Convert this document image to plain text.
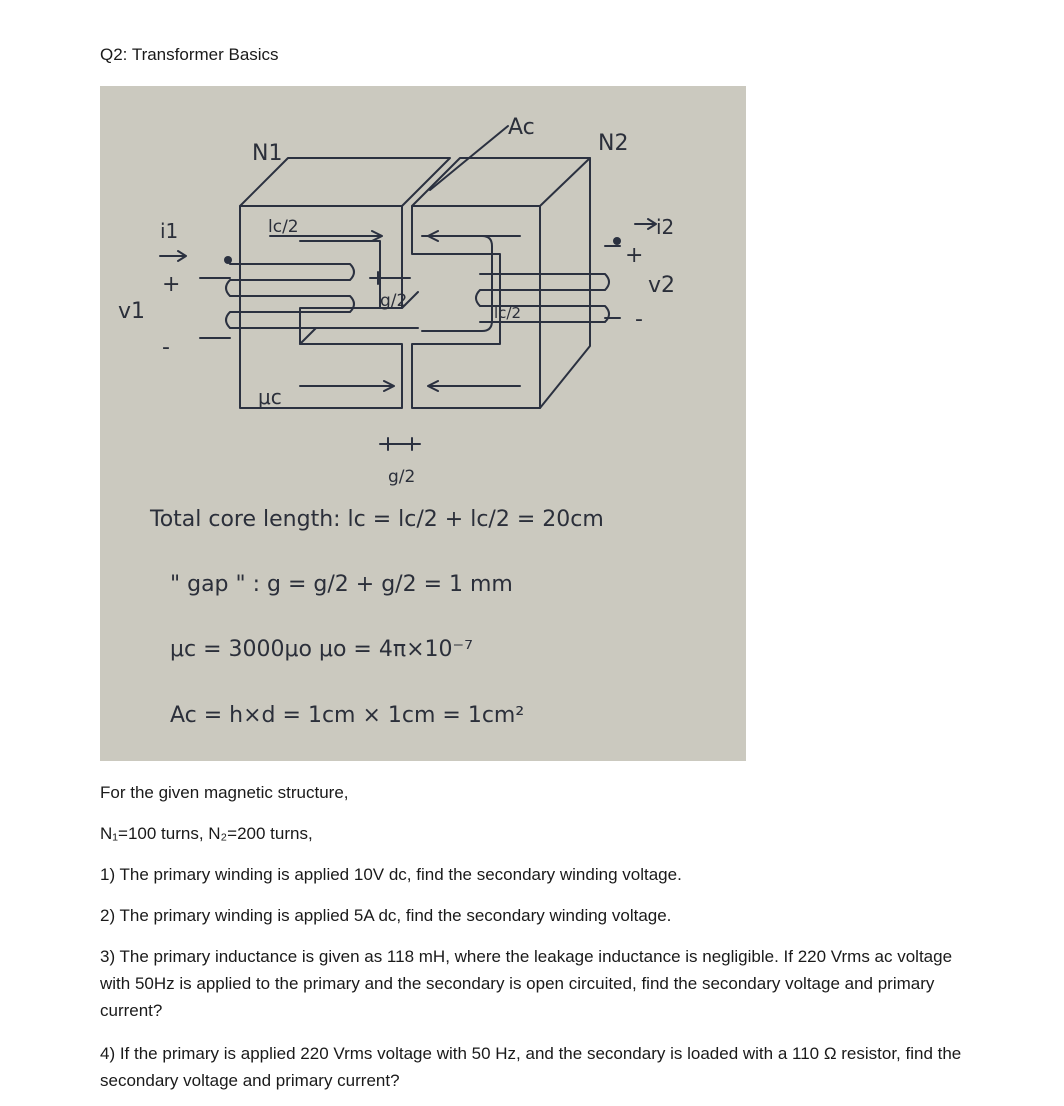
Q2: Transformer Basics
Ac
N1	N2
i1	i2
v1
v2
+
-
+
-
lc/2
lc/2
g/2
g/2
μc
Total core length: lc = lc/2 + lc/2 = 20cm
" gap " : g = g/2 + g/2 = 1 mm
μc = 3000μo μo = 4π×10⁻⁷
Ac = h×d = 1cm × 1cm = 1cm²
For the given magnetic structure,
N₁=100 turns, N₂=200 turns,
1) The primary winding is applied 10V dc, find the secondary winding voltage.
2) The primary winding is applied 5A dc, find the secondary winding voltage.
3) The primary inductance is given as 118 mH, where the leakage inductance is negligible. If 220 Vrms ac voltage with 50Hz is applied to the primary and the secondary is open circuited, find the secondary voltage and primary current?
4) If the primary is applied 220 Vrms voltage with 50 Hz, and the secondary is loaded with a 110 Ω resistor, find the secondary voltage and primary current?
